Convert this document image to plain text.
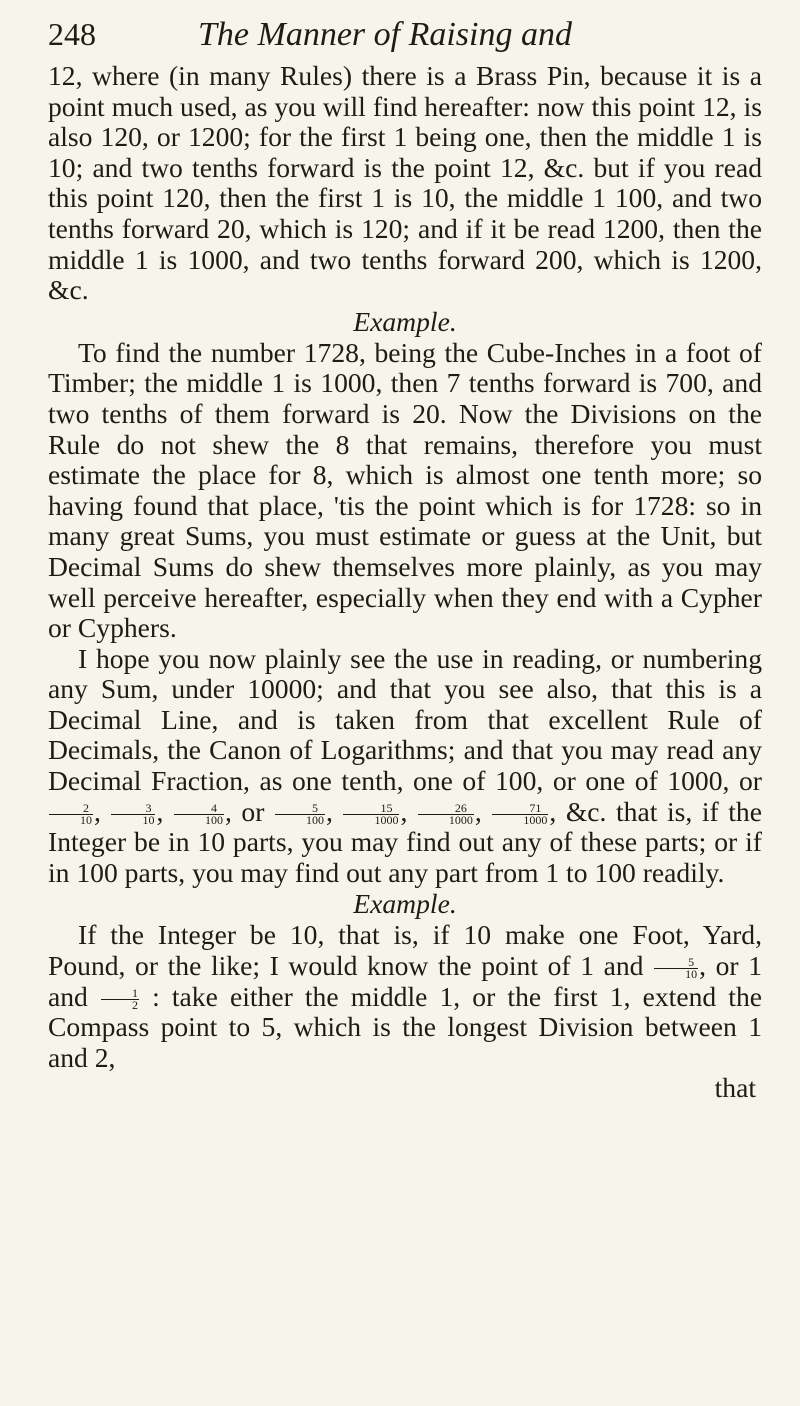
248	The Manner of Raising and

12, where (in many Rules) there is a Brass Pin, because it is a point much used, as you will find hereafter: now this point 12, is also 120, or 1200; for the first 1 being one, then the middle 1 is 10; and two tenths forward is the point 12, &c. but if you read this point 120, then the first 1 is 10, the middle 1 100, and two tenths forward 20, which is 120; and if it be read 1200, then the middle 1 is 1000, and two tenths forward 200, which is 1200, &c.

Example.

To find the number 1728, being the Cube-Inches in a foot of Timber; the middle 1 is 1000, then 7 tenths forward is 700, and two tenths of them forward is 20. Now the Divisions on the Rule do not shew the 8 that remains, therefore you must estimate the place for 8, which is almost one tenth more; so having found that place, 'tis the point which is for 1728: so in many great Sums, you must estimate or guess at the Unit, but Decimal Sums do shew themselves more plainly, as you may well perceive hereafter, especially when they end with a Cypher or Cyphers.

I hope you now plainly see the use in reading, or numbering any Sum, under 10000; and that you see also, that this is a Decimal Line, and is taken from that excellent Rule of Decimals, the Canon of Logarithms; and that you may read any Decimal Fraction, as one tenth, one of 100, or one of 1000, or
$\frac{2}{10}$ , $\frac{3}{10}$ , $\frac{4}{100}$ , or $\frac{5}{100}$ , $\frac{15}{1000}$ , $\frac{26}{1000}$ , $\frac{71}{1000}$ , &c. that is, if the Integer be in 10 parts, you may find out any of these parts; or if in 100 parts, you may find out any part from 1 to 100 readily.

Example.

If the Integer be 10, that is, if 10 make one Foot, Yard, Pound, or the like; I would know the point of 1 and $\frac{5}{10}$ , or 1 and $\frac{1}{2}$ : take either the middle 1, or the first 1, extend the Compass point to 5, which is the longest Division between 1 and 2,

that
